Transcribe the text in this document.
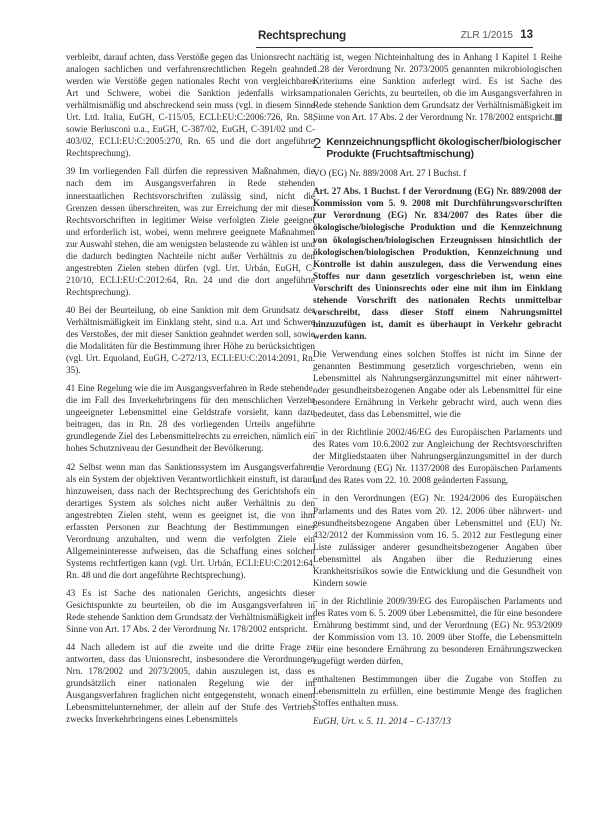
Rechtsprechung	ZLR 1/2015 13

verbleibt, darauf achten, dass Verstöße gegen das Unionsrecht nach analogen sachlichen und verfahrensrechtlichen Regeln geahndet werden wie Verstöße gegen nationales Recht von vergleichbarer Art und Schwere, wobei die Sanktion jedenfalls wirksam, verhältnismäßig und abschreckend sein muss (vgl. in diesem Sinne Urt. Ltd. Italia, EuGH, C-115/05, ECLI:EU:C:2006:726, Rn. 58, sowie Berlusconi u.a., EuGH, C-387/02, EuGH, C-391/02 und C-403/02, ECLI:EU:C:2005:270, Rn. 65 und die dort angeführte Rechtsprechung).

39 Im vorliegenden Fall dürfen die repressiven Maßnahmen, die nach dem im Ausgangsverfahren in Rede stehenden innerstaatlichen Rechtsvorschriften zulässig sind, nicht die Grenzen dessen überschreiten, was zur Erreichung der mit diesen Rechtsvorschriften in legitimer Weise verfolgten Ziele geeignet und erforderlich ist, wobei, wenn mehrere geeignete Maßnahmen zur Auswahl stehen, die am wenigsten belastende zu wählen ist und die dadurch bedingten Nachteile nicht außer Verhältnis zu den angestrebten Zielen stehen dürfen (vgl. Urt. Urbán, EuGH, C-210/10, ECLI:EU:C:2012:64, Rn. 24 und die dort angeführte Rechtsprechung).

40 Bei der Beurteilung, ob eine Sanktion mit dem Grundsatz der Verhältnismäßigkeit im Einklang steht, sind u.a. Art und Schwere des Verstoßes, der mit dieser Sanktion geahndet werden soll, sowie die Modalitäten für die Bestimmung ihrer Höhe zu berücksichtigen (vgl. Urt. Equoland, EuGH, C-272/13, ECLI:EU:C:2014:2091, Rn. 35).

41 Eine Regelung wie die im Ausgangsverfahren in Rede stehende, die im Fall des Inverkehrbringens für den menschlichen Verzehr ungeeigneter Lebensmittel eine Geldstrafe vorsieht, kann dazu beitragen, das in Rn. 28 des vorliegenden Urteils angeführte grundlegende Ziel des Lebensmittelrechts zu erreichen, nämlich ein hohes Schutzniveau der Gesundheit der Bevölkerung.

42 Selbst wenn man das Sanktionssystem im Ausgangsverfahren als ein System der objektiven Verantwortlichkeit einstuft, ist darauf hinzuweisen, dass nach der Rechtsprechung des Gerichtshofs ein derartiges System als solches nicht außer Verhältnis zu den angestrebten Zielen steht, wenn es geeignet ist, die von ihm erfassten Personen zur Beachtung der Bestimmungen einer Verordnung anzuhalten, und wenn die verfolgten Ziele ein Allgemeininteresse aufweisen, das die Schaffung eines solchen Systems rechtfertigen kann (vgl. Urt. Urbán, ECLI:EU:C:2012:64, Rn. 48 und die dort angeführte Rechtsprechung).

43 Es ist Sache des nationalen Gerichts, angesichts dieser Gesichtspunkte zu beurteilen, ob die im Ausgangsverfahren in Rede stehende Sanktion dem Grundsatz der Verhältnismäßigkeit im Sinne von Art. 17 Abs. 2 der Verordnung Nr. 178/2002 entspricht.

44 Nach alledem ist auf die zweite und die dritte Frage zu antworten, dass das Unionsrecht, insbesondere die Verordnungen Nrn. 178/2002 und 2073/2005, dahin auszulegen ist, dass es grundsätzlich einer nationalen Regelung wie der im Ausgangsverfahren fraglichen nicht entgegensteht, wonach einem Lebensmittelunternehmer, der allein auf der Stufe des Vertriebs zwecks Inverkehrbringens eines Lebensmittels

tätig ist, wegen Nichteinhaltung des in Anhang I Kapitel 1 Reihe 1.28 der Verordnung Nr. 2073/2005 genannten mikrobiologischen Kriteriums eine Sanktion auferlegt wird. Es ist Sache des nationalen Gerichts, zu beurteilen, ob die im Ausgangsverfahren in Rede stehende Sanktion dem Grundsatz der Verhältnismäßigkeit im Sinne von Art. 17 Abs. 2 der Verordnung Nr. 178/2002 entspricht.

2 Kennzeichnungspflicht ökologischer/biologischer Produkte (Fruchtsaftmischung)

VO (EG) Nr. 889/2008 Art. 27 I Buchst. f

Art. 27 Abs. 1 Buchst. f der Verordnung (EG) Nr. 889/2008 der Kommission vom 5. 9. 2008 mit Durchführungsvorschriften zur Verordnung (EG) Nr. 834/2007 des Rates über die ökologische/biologische Produktion und die Kennzeichnung von ökologischen/biologischen Erzeugnissen hinsichtlich der ökologischen/biologischen Produktion, Kennzeichnung und Kontrolle ist dahin auszulegen, dass die Verwendung eines Stoffes nur dann gesetzlich vorgeschrieben ist, wenn eine Vorschrift des Unionsrechts oder eine mit ihm im Einklang stehende Vorschrift des nationalen Rechts unmittelbar vorschreibt, dass dieser Stoff einem Nahrungsmittel hinzuzufügen ist, damit es überhaupt in Verkehr gebracht werden kann.

Die Verwendung eines solchen Stoffes ist nicht im Sinne der genannten Bestimmung gesetzlich vorgeschrieben, wenn ein Lebensmittel als Nahrungsergänzungsmittel mit einer nährwert- oder gesundheitsbezogenen Angabe oder als Lebensmittel für eine besondere Ernährung in Verkehr gebracht wird, auch wenn dies bedeutet, dass das Lebensmittel, wie die

– in der Richtlinie 2002/46/EG des Europäischen Parlaments und des Rates vom 10.6.2002 zur Angleichung der Rechtsvorschriften der Mitgliedstaaten über Nahrungsergänzungsmittel in der durch die Verordnung (EG) Nr. 1137/2008 des Europäischen Parlaments und des Rates vom 22. 10. 2008 geänderten Fassung,

– in den Verordnungen (EG) Nr. 1924/2006 des Europäischen Parlaments und des Rates vom 20. 12. 2006 über nährwert- und gesundheitsbezogene Angaben über Lebensmittel und (EU) Nr. 432/2012 der Kommission vom 16. 5. 2012 zur Festlegung einer Liste zulässiger anderer gesundheitsbezogener Angaben über Lebensmittel als Angaben über die Reduzierung eines Krankheitsrisikos sowie die Entwicklung und die Gesundheit von Kindern sowie

– in der Richtlinie 2009/39/EG des Europäischen Parlaments und des Rates vom 6. 5. 2009 über Lebensmittel, die für eine besondere Ernährung bestimmt sind, und der Verordnung (EG) Nr. 953/2009 der Kommission vom 13. 10. 2009 über Stoffe, die Lebensmitteln für eine besondere Ernährung zu besonderen Ernährungszwecken zugefügt werden dürfen,

enthaltenen Bestimmungen über die Zugabe von Stoffen zu Lebensmitteln zu erfüllen, eine bestimmte Menge des fraglichen Stoffes enthalten muss.

EuGH, Urt. v. 5. 11. 2014 – C-137/13
